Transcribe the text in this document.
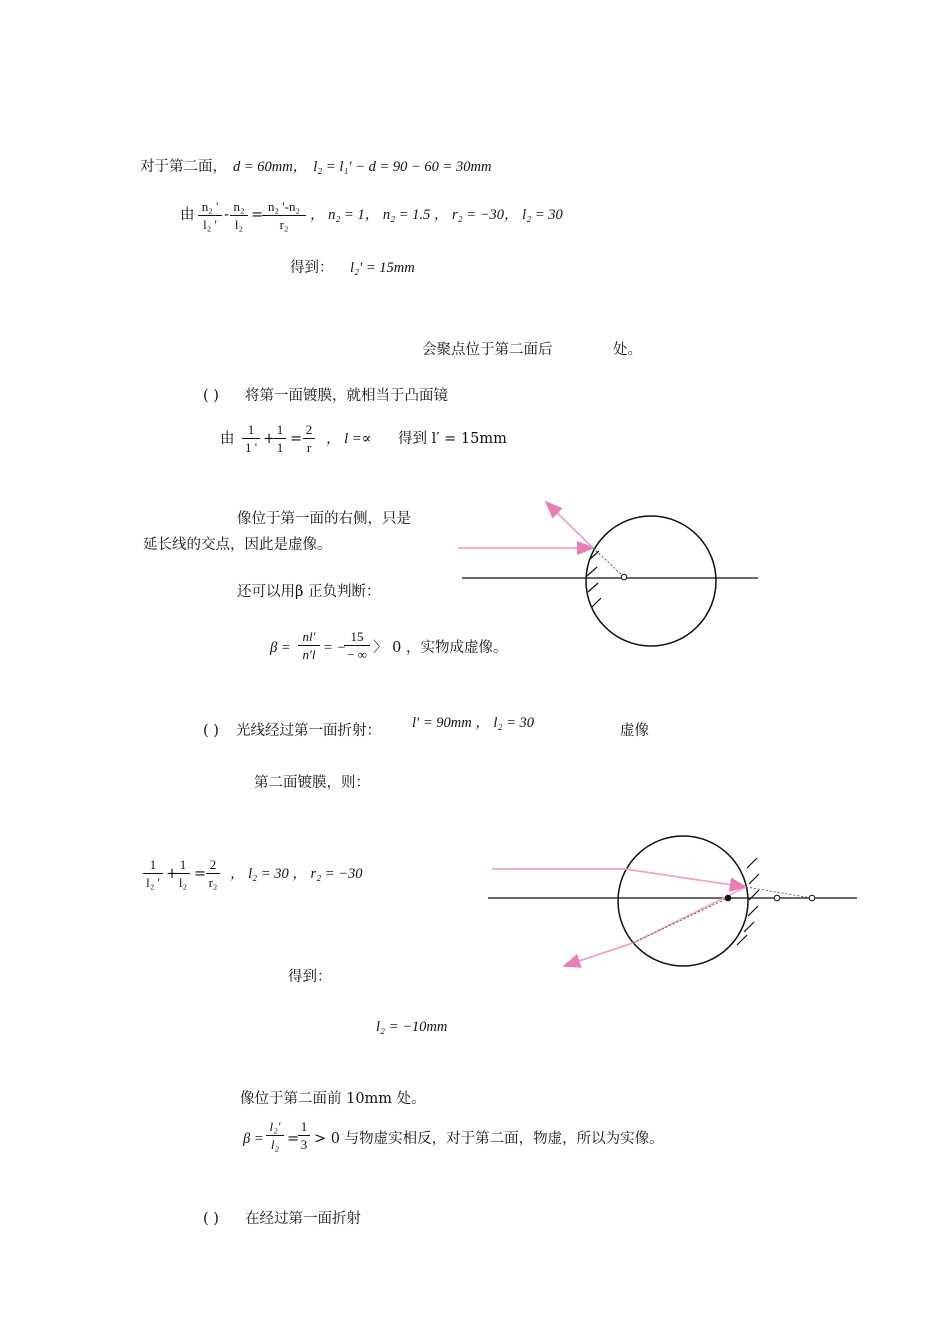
对于第二面， d = 60mm， l₂ = l₁′ − d = 90 − 60 = 30mm
由 $\frac{\text{n₂ '}}{\text{l₂ '}} - \frac{\text{n₂}}{\text{l₂}}$ =
$\frac{\text{n₂ '-n₂}}{\text{r₂}}$ ， n₂ = 1， n₂ = 1.5 ， r₂ = −30， l₂ = 30
得到： l₂′ = 15mm
会聚点位于第二面后	处。
( ) 将第一面镀膜，就相当于凸面镜
由 $\frac{1}{1 '}$ +
$\frac{1}{1} = \frac{2}{r}$ ， l =∝ 得到 l′ = 15mm
像位于第一面的右侧，只是
延长线的交点，因此是虚像。
还可以用β 正负判断：
$\beta = \frac{nl'}{n'l}$ = −
15
− ∞ 〉 0 ，实物成虚像。
( ) 光线经过第一面折射： l′ = 90mm ， l₂ = 30	虚像
第二面镀膜，则：
$\frac{1}{\text{l₂ '}}$ +
$\frac{1}{\text{l₂}} = \frac{2}{\text{r₂}}$ ， l₂ = 30 ， r₂ = −30
得到：
l₂ = −10mm
像位于第二面前 10mm 处。
$\beta = \frac{\text{l₂′}}{\text{l₂}}$ =
$\frac{1}{3} > 0$ 与物虚实相反，对于第二面，物虚，所以为实像。
( ) 在经过第一面折射
